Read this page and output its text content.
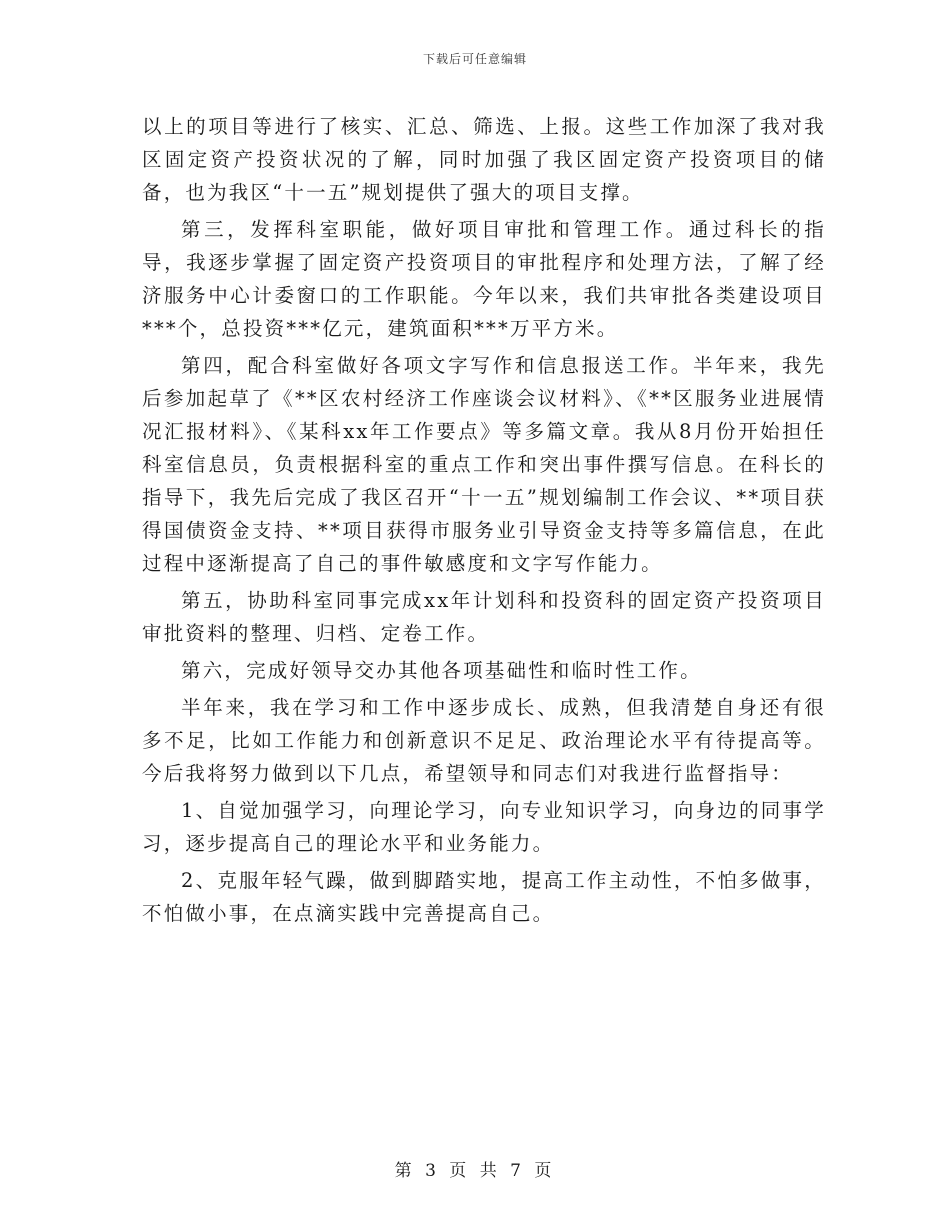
下载后可任意编辑

以上的项目等进行了核实、汇总、筛选、上报。这些工作加深了我对我区固定资产投资状况的了解，同时加强了我区固定资产投资项目的储备，也为我区“十一五”规划提供了强大的项目支撑。

第三，发挥科室职能，做好项目审批和管理工作。通过科长的指导，我逐步掌握了固定资产投资项目的审批程序和处理方法，了解了经济服务中心计委窗口的工作职能。今年以来，我们共审批各类建设项目***个，总投资***亿元，建筑面积***万平方米。

第四，配合科室做好各项文字写作和信息报送工作。半年来，我先后参加起草了《**区农村经济工作座谈会议材料》、《**区服务业进展情况汇报材料》、《某科xx年工作要点》等多篇文章。我从8月份开始担任科室信息员，负责根据科室的重点工作和突出事件撰写信息。在科长的指导下，我先后完成了我区召开“十一五”规划编制工作会议、**项目获得国债资金支持、**项目获得市服务业引导资金支持等多篇信息，在此过程中逐渐提高了自己的事件敏感度和文字写作能力。

第五，协助科室同事完成xx年计划科和投资科的固定资产投资项目审批资料的整理、归档、定卷工作。

第六，完成好领导交办其他各项基础性和临时性工作。

半年来，我在学习和工作中逐步成长、成熟，但我清楚自身还有很多不足，比如工作能力和创新意识不足足、政治理论水平有待提高等。今后我将努力做到以下几点，希望领导和同志们对我进行监督指导：

1、自觉加强学习，向理论学习，向专业知识学习，向身边的同事学习，逐步提高自己的理论水平和业务能力。

2、克服年轻气躁，做到脚踏实地，提高工作主动性，不怕多做事，不怕做小事，在点滴实践中完善提高自己。

第 3 页 共 7 页
